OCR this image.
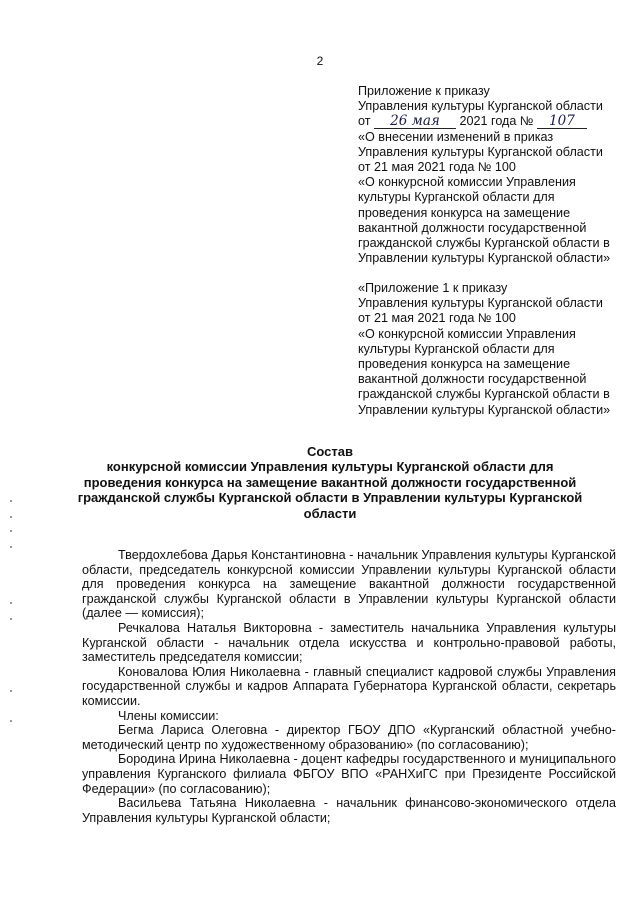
2
Приложение к приказу
Управления культуры Курганской области
от 26 мая 2021 года № 107
«О внесении изменений в приказ
Управления культуры Курганской области
от 21 мая 2021 года № 100
«О конкурсной комиссии Управления
культуры Курганской области для
проведения конкурса на замещение
вакантной должности государственной
гражданской службы Курганской области в
Управлении культуры Курганской области»
«Приложение 1 к приказу
Управления культуры Курганской области
от 21 мая 2021 года № 100
«О конкурсной комиссии Управления
культуры Курганской области для
проведения конкурса на замещение
вакантной должности государственной
гражданской службы Курганской области в
Управлении культуры Курганской области»
Состав
конкурсной комиссии Управления культуры Курганской области для проведения конкурса на замещение вакантной должности государственной гражданской службы Курганской области в Управлении культуры Курганской области

Твердохлебова Дарья Константиновна - начальник Управления культуры Курганской области, председатель конкурсной комиссии Управлении культуры Курганской области для проведения конкурса на замещение вакантной должности государственной гражданской службы Курганской области в Управлении культуры Курганской области (далее — комиссия);

Речкалова Наталья Викторовна - заместитель начальника Управления культуры Курганской области - начальник отдела искусства и контрольно-правовой работы, заместитель председателя комиссии;

Коновалова Юлия Николаевна - главный специалист кадровой службы Управления государственной службы и кадров Аппарата Губернатора Курганской области, секретарь комиссии.

Члены комиссии:

Бегма Лариса Олеговна - директор ГБОУ ДПО «Курганский областной учебно-методический центр по художественному образованию» (по согласованию);

Бородина Ирина Николаевна - доцент кафедры государственного и муниципального управления Курганского филиала ФБГОУ ВПО «РАНХиГС при Президенте Российской Федерации» (по согласованию);

Васильева Татьяна Николаевна - начальник финансово-экономического отдела Управления культуры Курганской области;
